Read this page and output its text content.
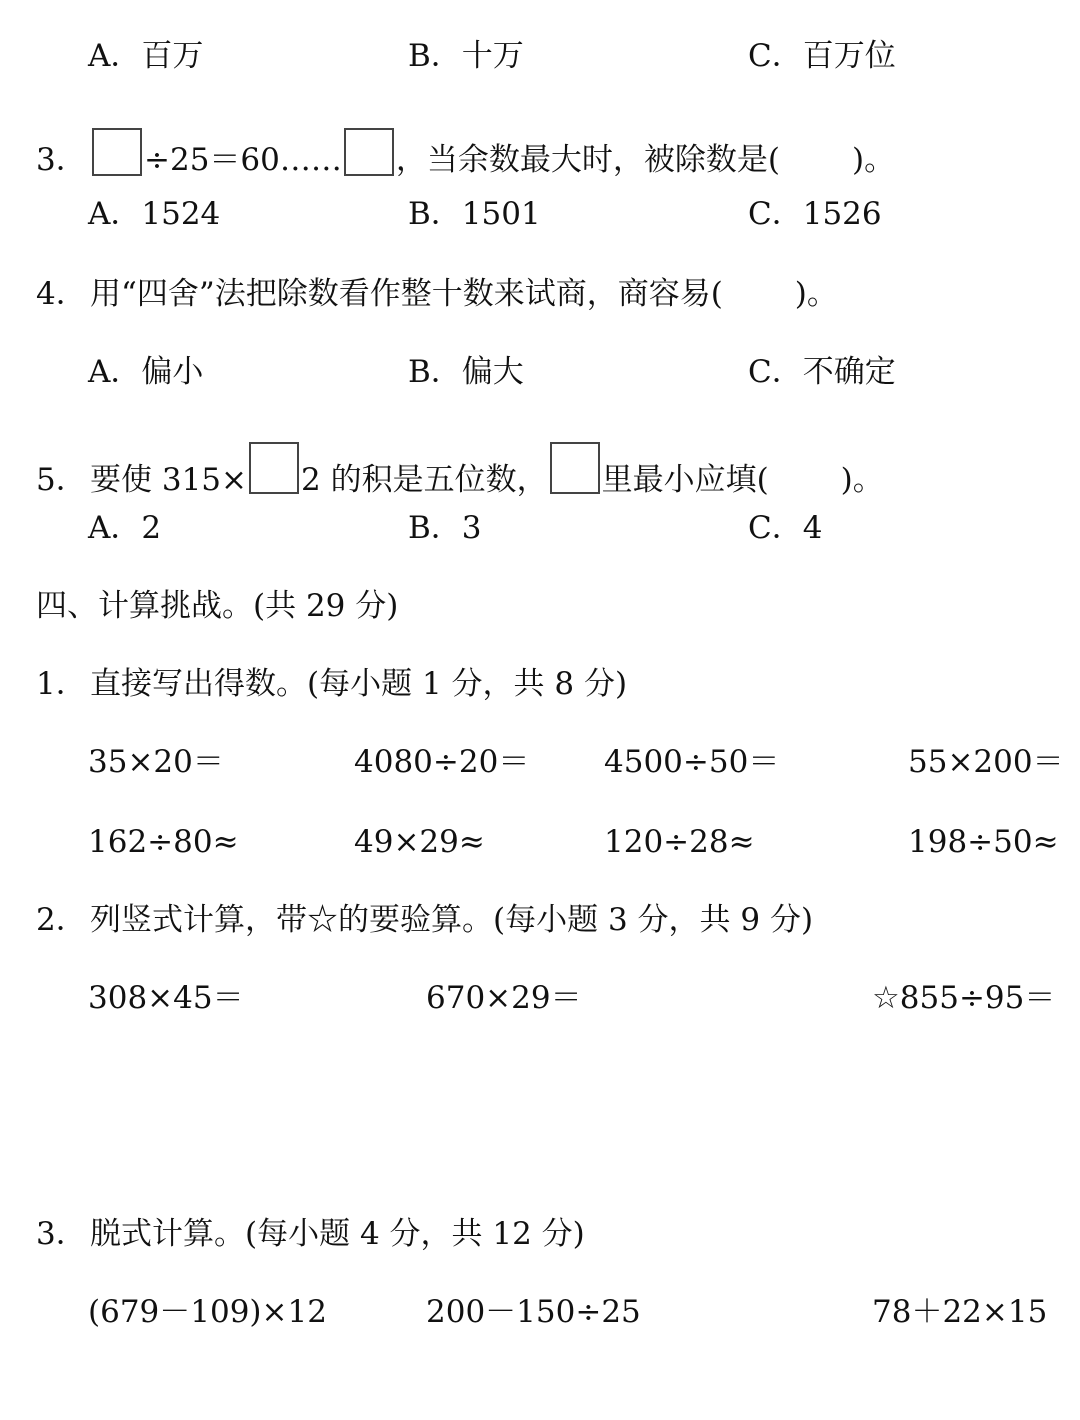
A．百万	B．十万	C．百万位
3． ÷25＝60…… ，当余数最大时，被除数是( )。
A．1524	B．1501	C．1526
4． 用“四舍”法把除数看作整十数来试商，商容易( )。
A．偏小	B．偏大	C．不确定
5． 要使 315× 2 的积是五位数， 里最小应填( )。
A．2	B．3	C．4
四、计算挑战。(共 29 分)
1． 直接写出得数。(每小题 1 分，共 8 分)
35×20＝	4080÷20＝ 4500÷50＝	55×200＝
162÷80≈	49×29≈	120÷28≈	198÷50≈
2． 列竖式计算，带☆的要验算。(每小题 3 分，共 9 分)
308×45＝	670×29＝	☆855÷95＝
3． 脱式计算。(每小题 4 分，共 12 分)
(679－109)×12	200－150÷25	78＋22×15
